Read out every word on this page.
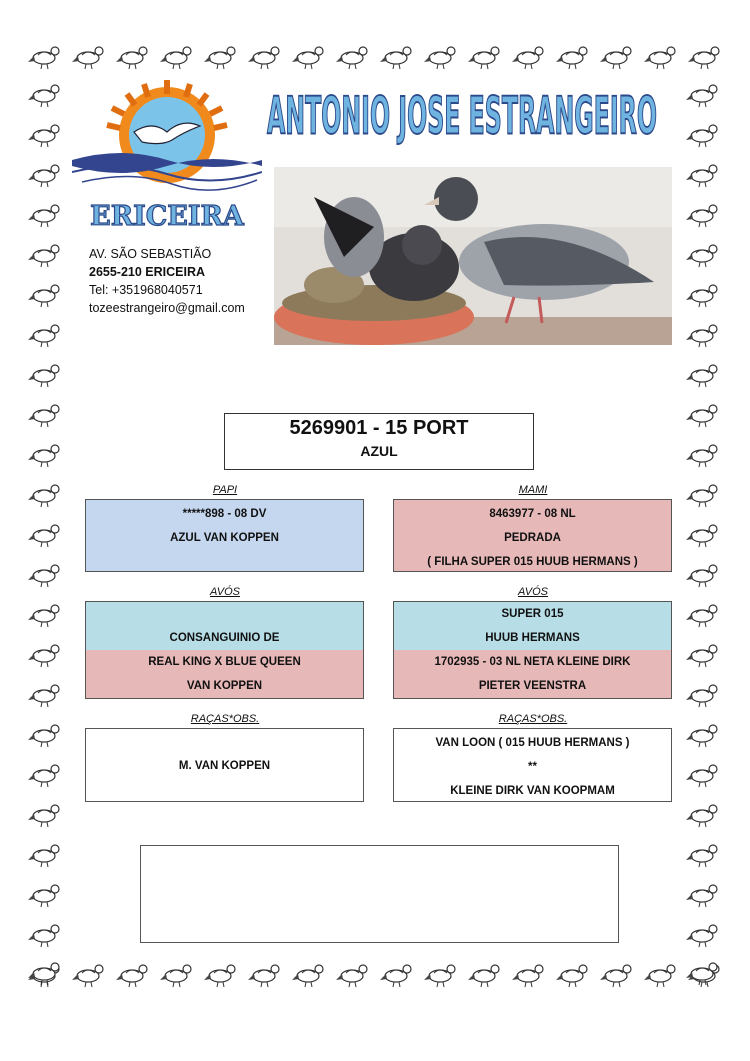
ERICEIRA
ANTONIO JOSE ESTRANGEIRO
AV. SÃO SEBASTIÃO
2655-210 ERICEIRA
Tel: +351968040571
tozeestrangeiro@gmail.com
5269901 - 15 PORT
AZUL
PAPI	MAMI
*****898 - 08 DV
AZUL VAN KOPPEN
8463977 - 08 NL
PEDRADA
( FILHA SUPER 015 HUUB HERMANS )
AVÓS	AVÓS
CONSANGUINIO DE
REAL KING X BLUE QUEEN
VAN KOPPEN
SUPER 015
HUUB HERMANS
1702935 - 03 NL NETA KLEINE DIRK
PIETER VEENSTRA
RAÇAS*OBS.	RAÇAS*OBS.
M. VAN KOPPEN
VAN LOON ( 015 HUUB HERMANS )
**
KLEINE DIRK VAN KOOPMAM
